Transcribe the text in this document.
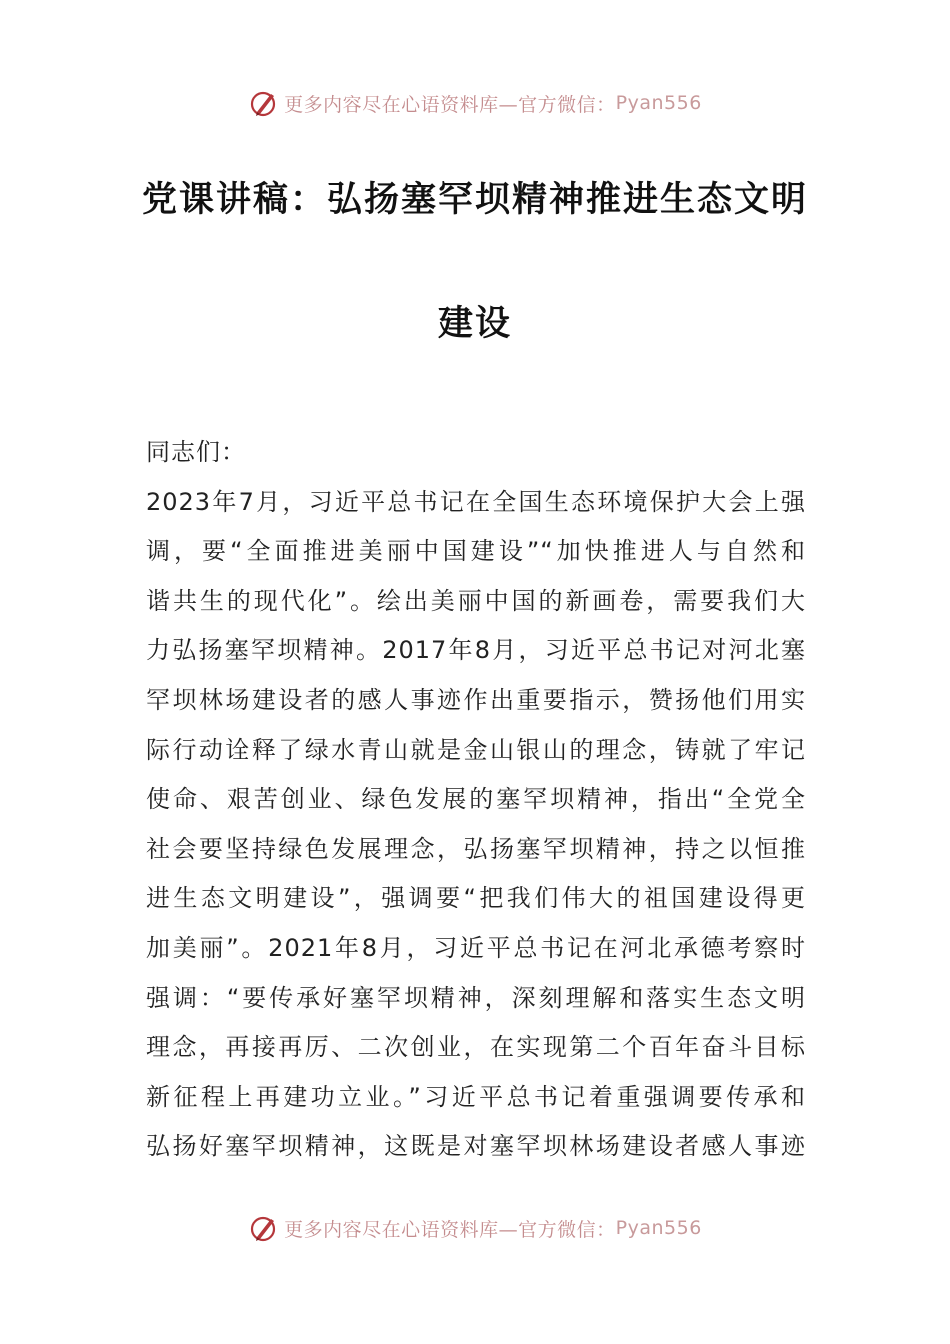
更多内容尽在心语资料库—官方微信： Pyan556
党课讲稿：弘扬塞罕坝精神推进生态文明
建设
同志们：
2023年7月，习近平总书记在全国生态环境保护大会上强
调，要“全面推进美丽中国建设”“加快推进人与自然和
谐共生的现代化”。绘出美丽中国的新画卷，需要我们大
力弘扬塞罕坝精神。2017年8月，习近平总书记对河北塞
罕坝林场建设者的感人事迹作出重要指示，赞扬他们用实
际行动诠释了绿水青山就是金山银山的理念，铸就了牢记
使命、艰苦创业、绿色发展的塞罕坝精神，指出“全党全
社会要坚持绿色发展理念，弘扬塞罕坝精神，持之以恒推
进生态文明建设”，强调要“把我们伟大的祖国建设得更
加美丽”。2021年8月，习近平总书记在河北承德考察时
强调：“要传承好塞罕坝精神，深刻理解和落实生态文明
理念，再接再厉、二次创业，在实现第二个百年奋斗目标
新征程上再建功立业。”习近平总书记着重强调要传承和
弘扬好塞罕坝精神，这既是对塞罕坝林场建设者感人事迹
更多内容尽在心语资料库—官方微信： Pyan556
